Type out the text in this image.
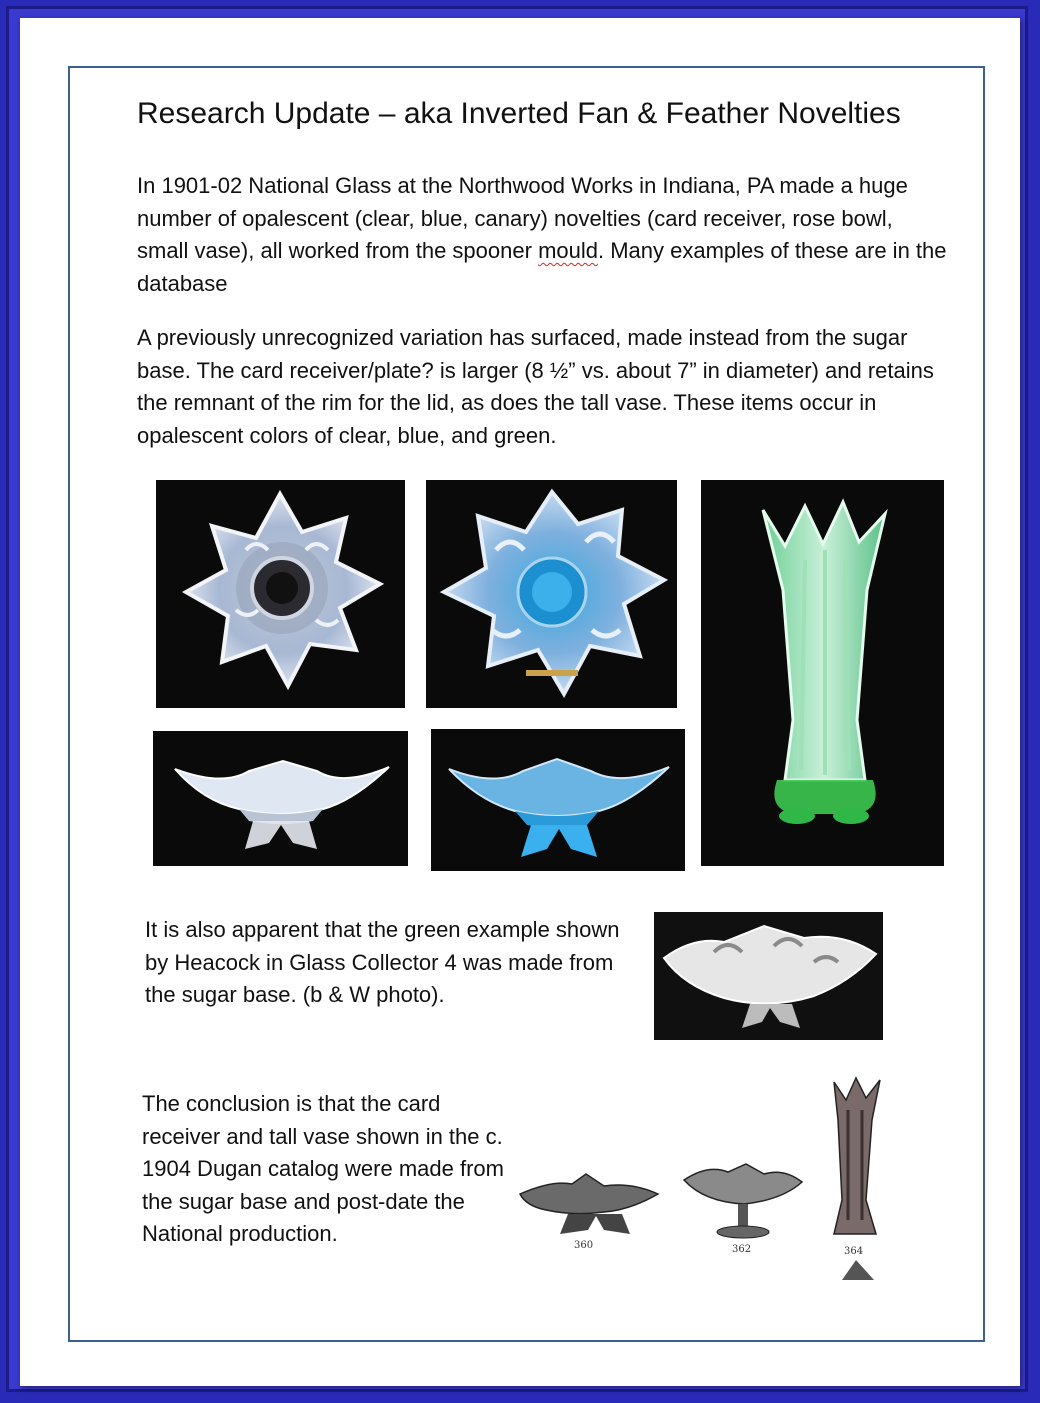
Research Update – aka Inverted Fan & Feather Novelties

In 1901-02 National Glass at the Northwood Works in Indiana, PA made a huge number of opalescent (clear, blue, canary) novelties (card receiver, rose bowl, small vase), all worked from the spooner mould. Many examples of these are in the database

A previously unrecognized variation has surfaced, made instead from the sugar base. The card receiver/plate? is larger (8 ½” vs. about 7” in diameter) and retains the remnant of the rim for the lid, as does the tall vase. These items occur in opalescent colors of clear, blue, and green.

It is also apparent that the green example shown by Heacock in Glass Collector 4 was made from the sugar base. (b & W photo).

The conclusion is that the card receiver and tall vase shown in the c. 1904 Dugan catalog were made from the sugar base and post-date the National production.	360	362	364
